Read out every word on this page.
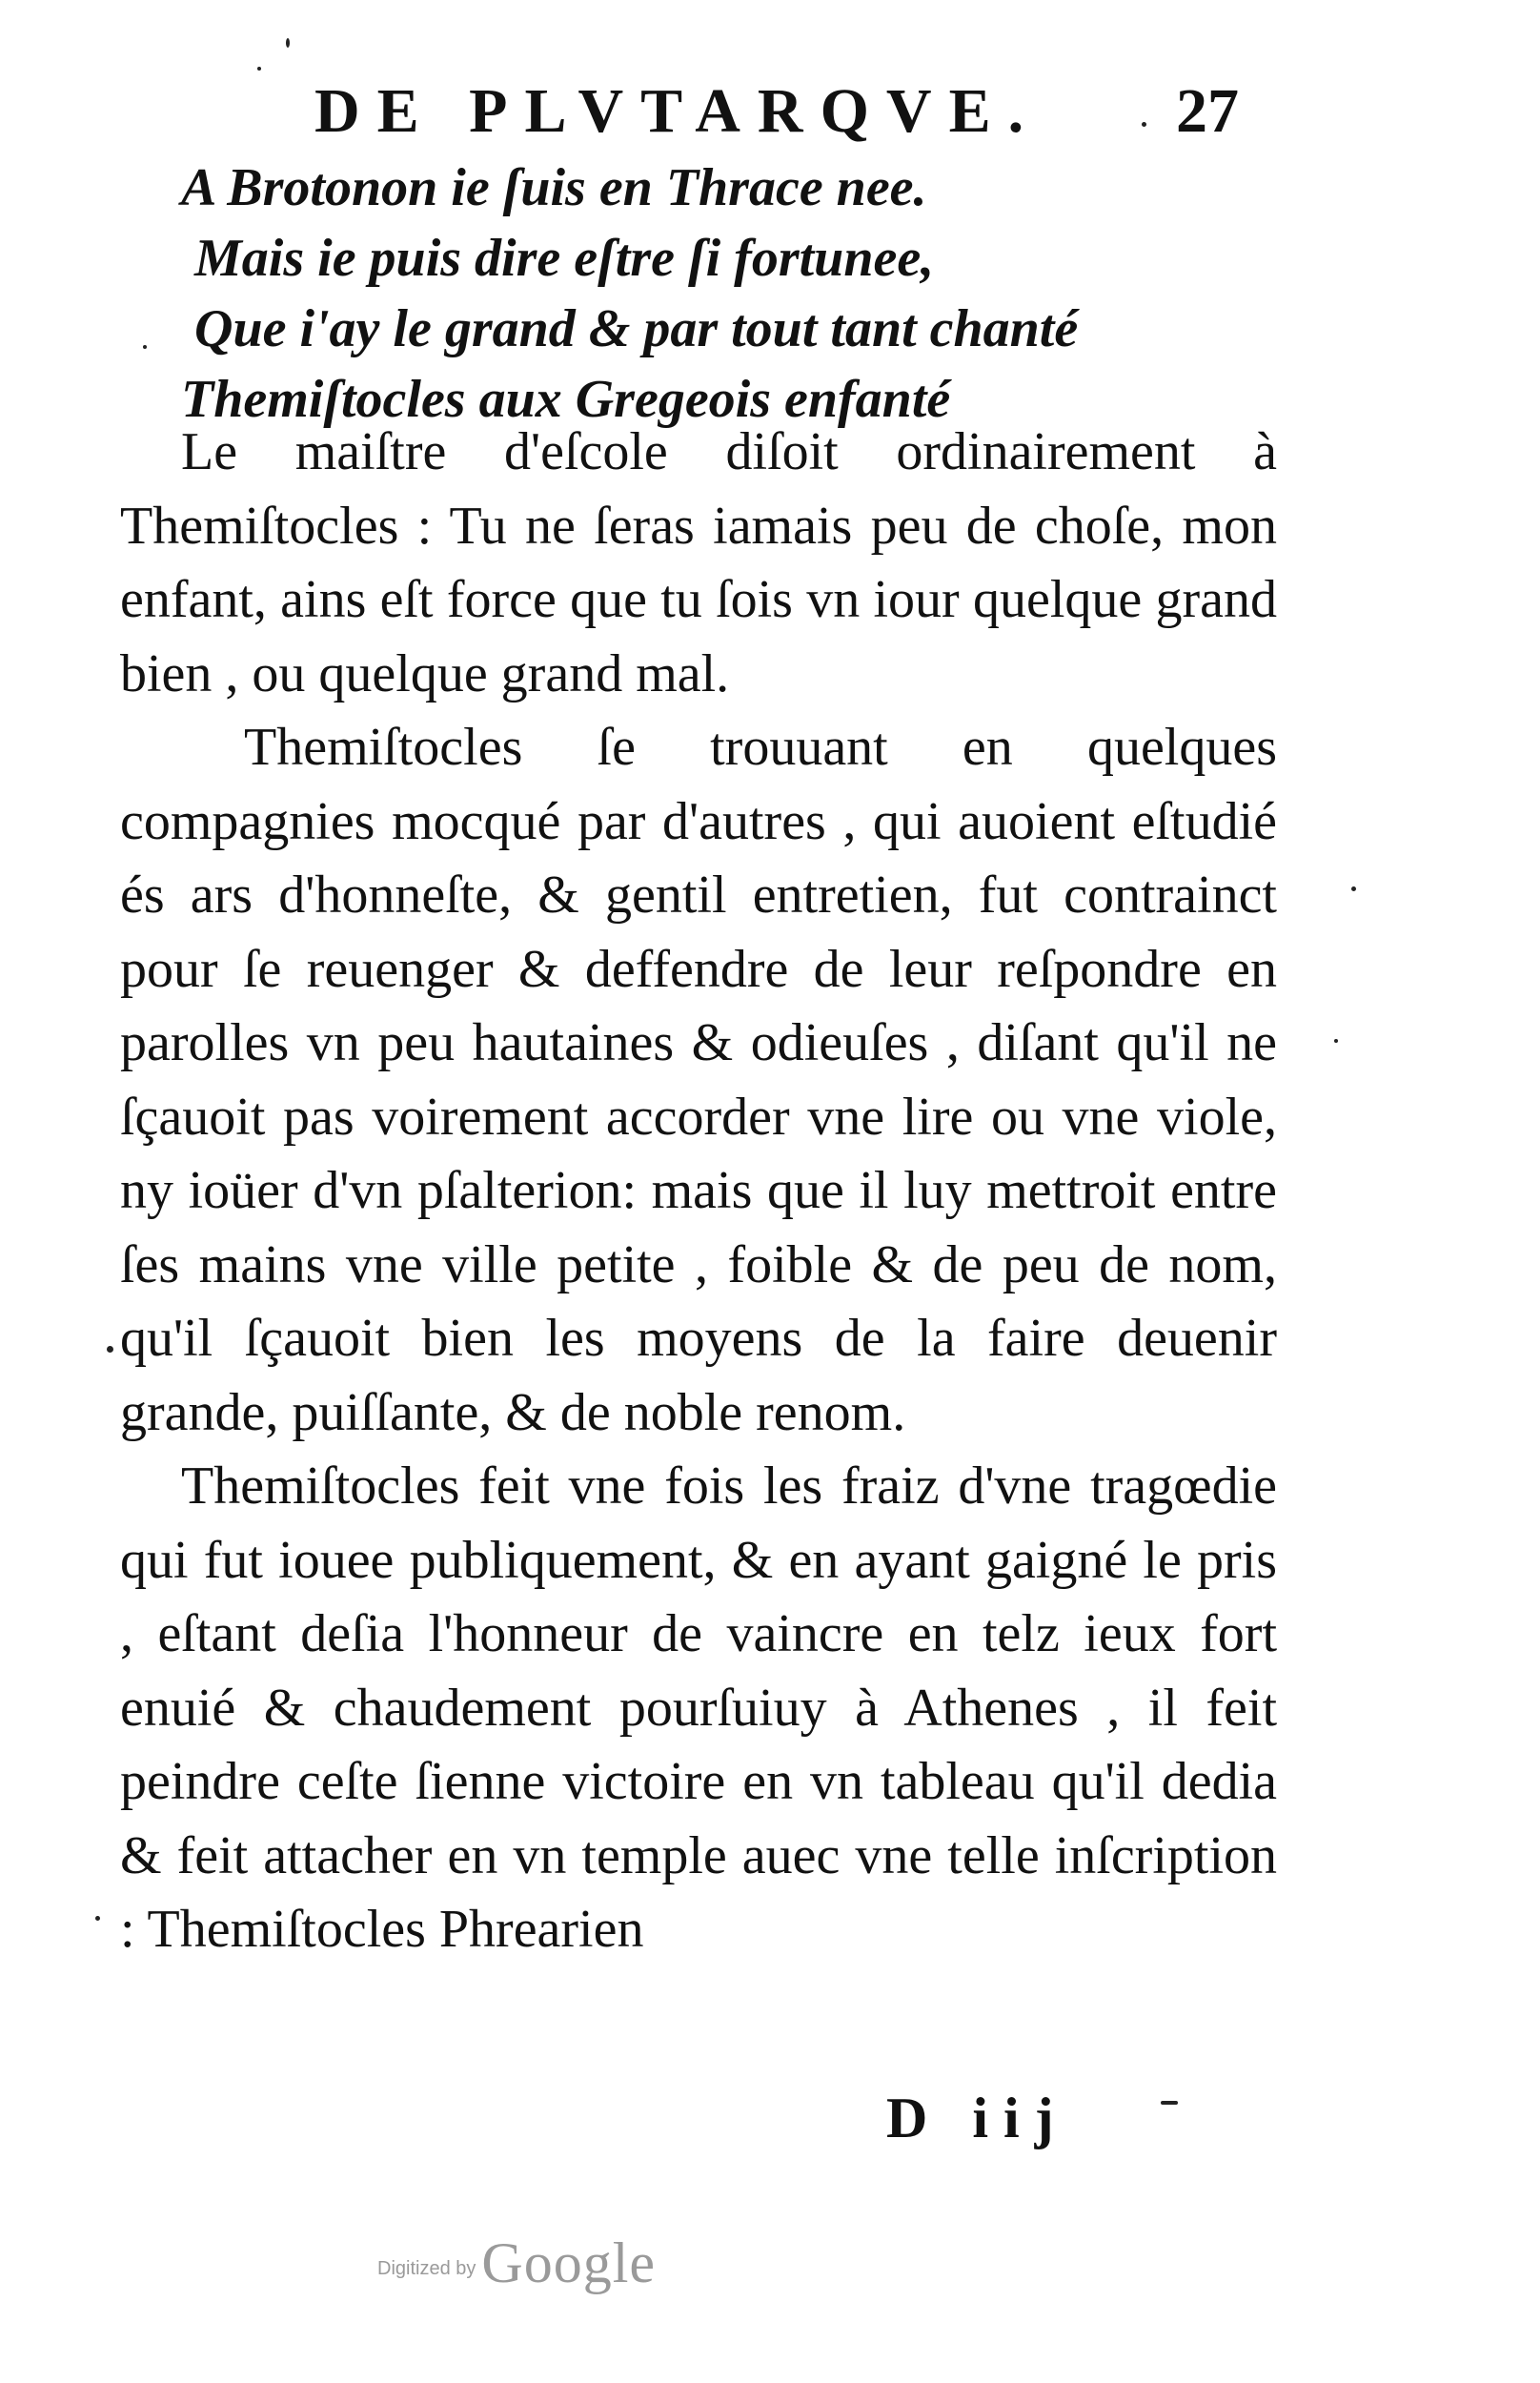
DE PLVTARQVE. 27
A Brotonon ie ſuis en Thrace nee.
Mais ie puis dire eſtre ſi fortunee,
Que i'ay le grand & par tout tant chanté
Themiſtocles aux Gregeois enfanté

Le maiſtre d'eſcole diſoit ordinairement à Themiſtocles : Tu ne ſeras iamais peu de choſe, mon enfant, ains eſt force que tu ſois vn iour quelque grand bien , ou quelque grand mal.

Themiſtocles ſe trouuant en quelques compagnies mocqué par d'autres , qui auoient eſtudié és ars d'honneſte, & gentil entretien, fut contrainct pour ſe reuenger & deffendre de leur reſpondre en parolles vn peu hautaines & odieuſes , diſant qu'il ne ſçauoit pas voirement accorder vne lire ou vne viole, ny ioüer d'vn pſalterion: mais que il luy mettroit entre ſes mains vne ville petite , foible & de peu de nom, qu'il ſçauoit bien les moyens de la faire deuenir grande, puiſſante, & de noble renom.

Themiſtocles feit vne fois les fraiz d'vne tragœdie qui fut iouee publiquement, & en ayant gaigné le pris , eſtant deſia l'honneur de vaincre en telz ieux fort enuié & chaudement pourſuiuy à Athenes , il feit peindre ceſte ſienne victoire en vn tableau qu'il dedia & feit attacher en vn temple auec vne telle inſcription : Themiſtocles Phrearien

D iij
Digitized by Google
